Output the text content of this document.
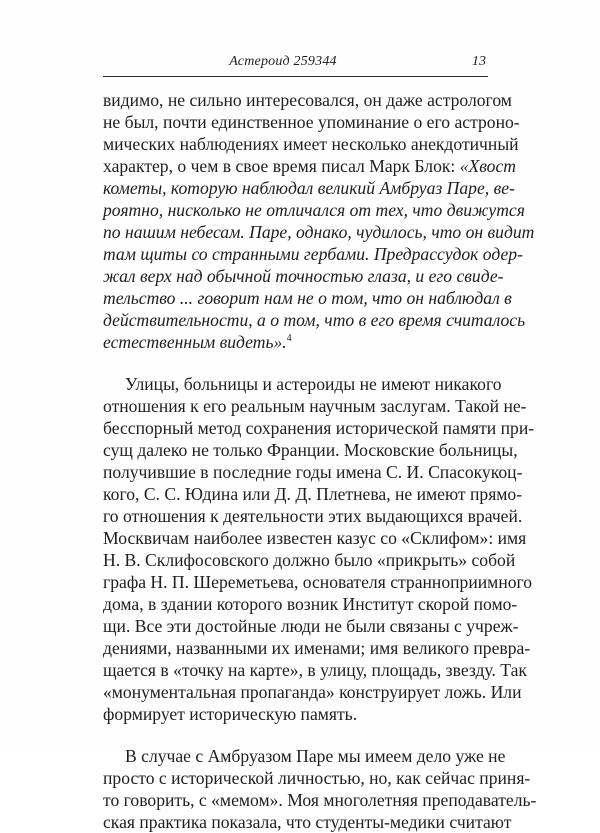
Астероид 259344	13
видимо, не сильно интересовался, он даже астрологом
не был, почти единственное упоминание о его астроно-
мических наблюдениях имеет несколько анекдотичный
характер, о чем в свое время писал Марк Блок: «Хвост
кометы, которую наблюдал великий Амбруаз Паре, ве-
роятно, нисколько не отличался от тех, что движутся
по нашим небесам. Паре, однако, чудилось, что он видит
там щиты со странными гербами. Предрассудок одер-
жал верх над обычной точностью глаза, и его свиде-
тельство ... говорит нам не о том, что он наблюдал в
действительности, а о том, что в его время считалось
естественным видеть».$^4$
Улицы, больницы и астероиды не имеют никакого
отношения к его реальным научным заслугам. Такой не-
бесспорный метод сохранения исторической памяти при-
сущ далеко не только Франции. Московские больницы,
получившие в последние годы имена С. И. Спасокукоц-
кого, С. С. Юдина или Д. Д. Плетнева, не имеют прямо-
го отношения к деятельности этих выдающихся врачей.
Москвичам наиболее известен казус со «Склифом»: имя
Н. В. Склифосовского должно было «прикрыть» собой
графа Н. П. Шереметьева, основателя странноприимного
дома, в здании которого возник Институт скорой помо-
щи. Все эти достойные люди не были связаны с учреж-
дениями, названными их именами; имя великого превра-
щается в «точку на карте», в улицу, площадь, звезду. Так
«монументальная пропаганда» конструирует ложь. Или
формирует историческую память.
В случае с Амбруазом Паре мы имеем дело уже не
просто с исторической личностью, но, как сейчас приня-
то говорить, с «мемом». Моя многолетняя преподаватель-
ская практика показала, что студенты-медики считают
